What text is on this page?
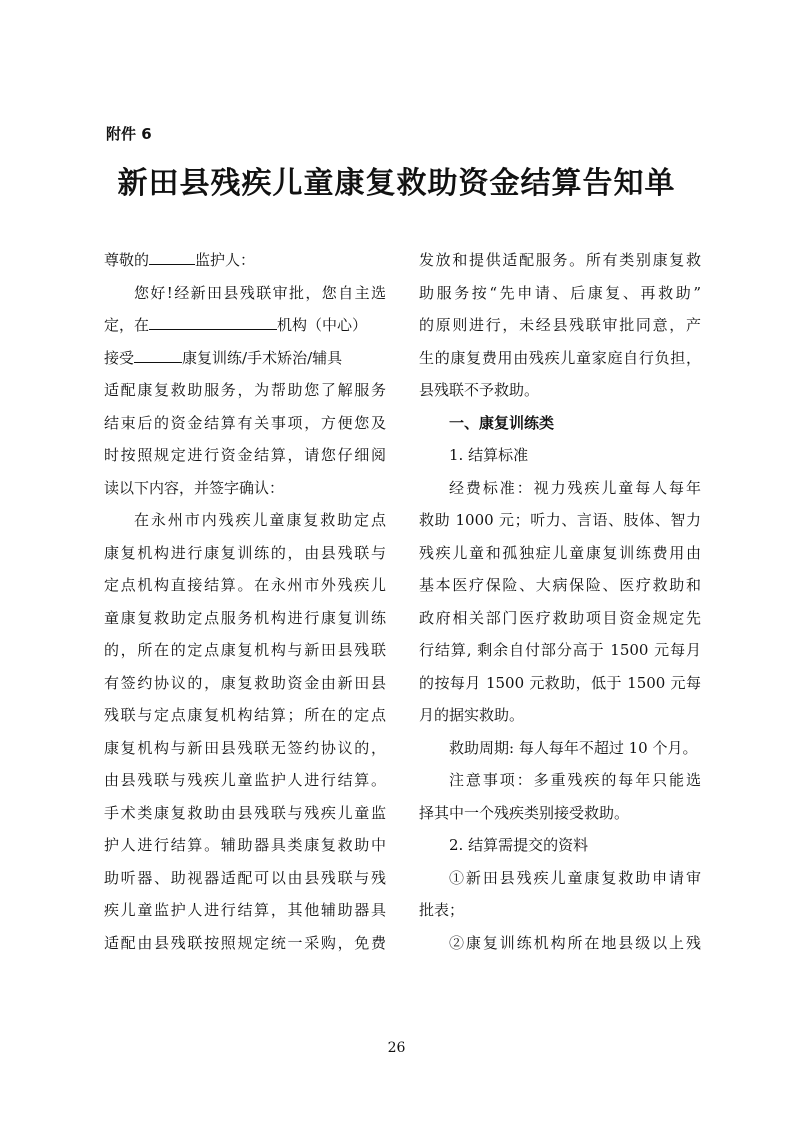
附件 6
新田县残疾儿童康复救助资金结算告知单
尊敬的	监护人：
您好!经新田县残联审批，您自主选
定，在	机构（中心）
接受	康复训练/手术矫治/辅具
适配康复救助服务，为帮助您了解服务
结束后的资金结算有关事项，方便您及
时按照规定进行资金结算，请您仔细阅
读以下内容，并签字确认：
在永州市内残疾儿童康复救助定点
康复机构进行康复训练的，由县残联与
定点机构直接结算。在永州市外残疾儿
童康复救助定点服务机构进行康复训练
的，所在的定点康复机构与新田县残联
有签约协议的，康复救助资金由新田县
残联与定点康复机构结算；所在的定点
康复机构与新田县残联无签约协议的，
由县残联与残疾儿童监护人进行结算。
手术类康复救助由县残联与残疾儿童监
护人进行结算。辅助器具类康复救助中
助听器、助视器适配可以由县残联与残
疾儿童监护人进行结算，其他辅助器具
适配由县残联按照规定统一采购，免费
发放和提供适配服务。所有类别康复救
助服务按“先申请、后康复、再救助”
的原则进行，未经县残联审批同意，产
生的康复费用由残疾儿童家庭自行负担，
县残联不予救助。
一、康复训练类
1. 结算标准
经费标准：视力残疾儿童每人每年
救助 1000 元；听力、言语、肢体、智力
残疾儿童和孤独症儿童康复训练费用由
基本医疗保险、大病保险、医疗救助和
政府相关部门医疗救助项目资金规定先
行结算, 剩余自付部分高于 1500 元每月
的按每月 1500 元救助，低于 1500 元每
月的据实救助。
救助周期: 每人每年不超过 10 个月。
注意事项：多重残疾的每年只能选
择其中一个残疾类别接受救助。
2. 结算需提交的资料
①新田县残疾儿童康复救助申请审
批表；
②康复训练机构所在地县级以上残
26
